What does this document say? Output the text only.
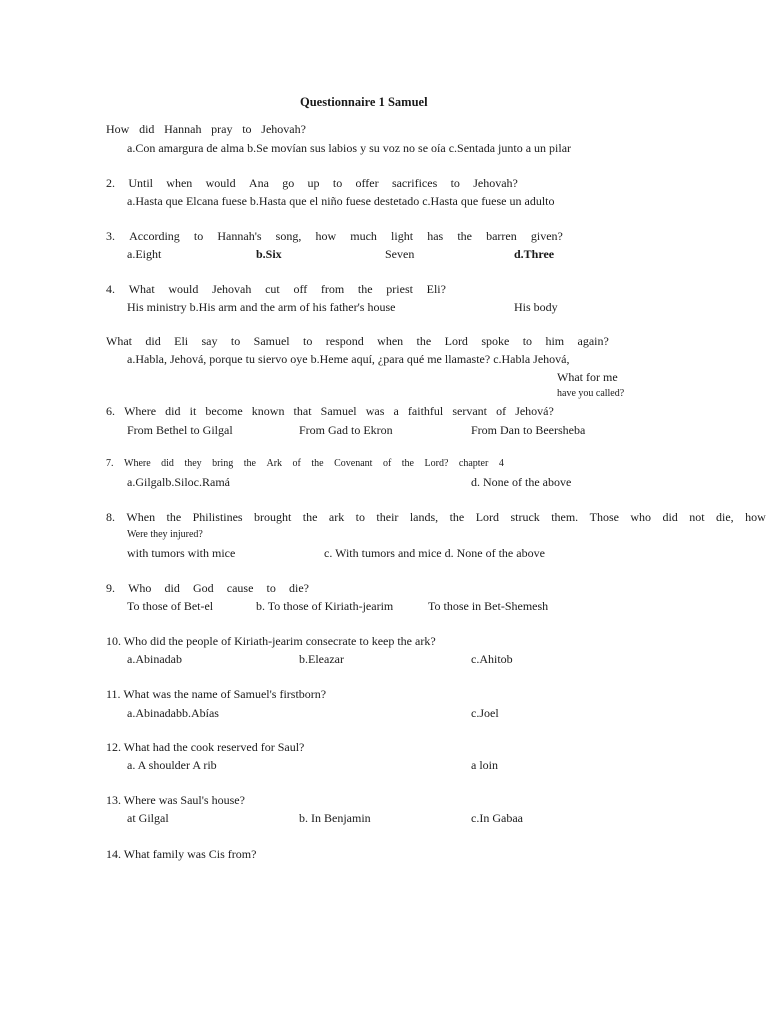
Questionnaire 1 Samuel
How did Hannah pray to Jehovah?
a.Con amargura de alma b.Se movían sus labios y su voz no se oía c.Sentada junto a un pilar
2. Until when would Ana go up to offer sacrifices to Jehovah?
a.Hasta que Elcana fuese b.Hasta que el niño fuese destetado c.Hasta que fuese un adulto
3. According to Hannah's song, how much light has the barren given?
a.Eight	b.Six	Seven	d.Three
4. What would Jehovah cut off from the priest Eli?
His ministry b.His arm and the arm of his father's house	His body
What did Eli say to Samuel to respond when the Lord spoke to him again?
a.Habla, Jehová, porque tu siervo oye b.Heme aquí, ¿para qué me llamaste? c.Habla Jehová,
What for me
have you called?
6. Where did it become known that Samuel was a faithful servant of Jehová?
From Bethel to Gilgal	From Gad to Ekron	From Dan to Beersheba
7. Where did they bring the Ark of the Covenant of the Lord? chapter 4
a.Gilgalb.Siloc.Ramá	d. None of the above
8. When the Philistines brought the ark to their lands, the Lord struck them. Those who did not die, how
Were they injured?
with tumors with mice	c. With tumors and mice d. None of the above
9. Who did God cause to die?
To those of Bet-el	b. To those of Kiriath-jearim	To those in Bet-Shemesh
10. Who did the people of Kiriath-jearim consecrate to keep the ark?
a.Abinadab	b.Eleazar	c.Ahitob
11. What was the name of Samuel's firstborn?
a.Abinadabb.Abías	c.Joel
12. What had the cook reserved for Saul?
a. A shoulder A rib	a loin
13. Where was Saul's house?
at Gilgal	b. In Benjamin	c.In Gabaa
14. What family was Cis from?
